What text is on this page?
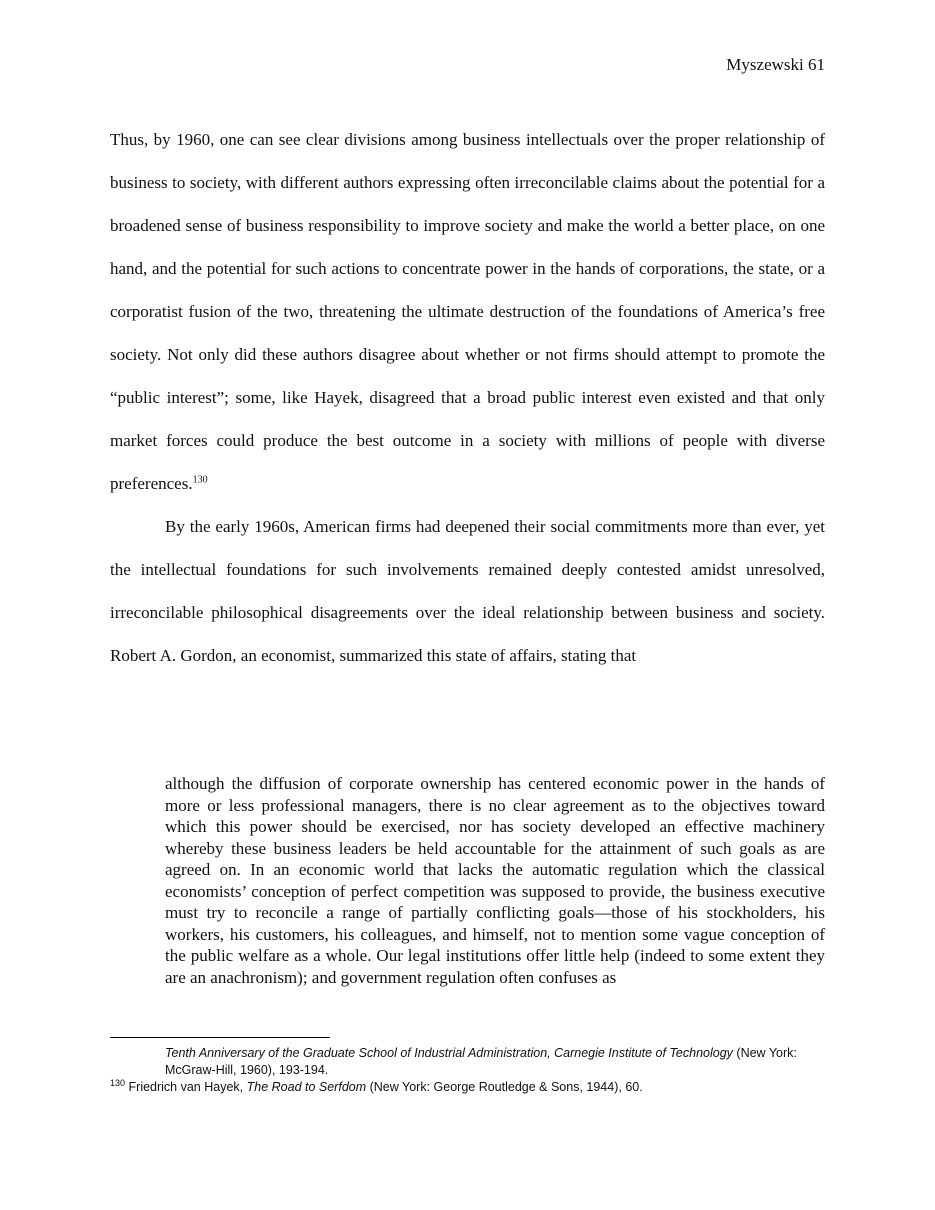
Myszewski 61

Thus, by 1960, one can see clear divisions among business intellectuals over the proper relationship of business to society, with different authors expressing often irreconcilable claims about the potential for a broadened sense of business responsibility to improve society and make the world a better place, on one hand, and the potential for such actions to concentrate power in the hands of corporations, the state, or a corporatist fusion of the two, threatening the ultimate destruction of the foundations of America’s free society. Not only did these authors disagree about whether or not firms should attempt to promote the “public interest”; some, like Hayek, disagreed that a broad public interest even existed and that only market forces could produce the best outcome in a society with millions of people with diverse preferences.$^{130}$

By the early 1960s, American firms had deepened their social commitments more than ever, yet the intellectual foundations for such involvements remained deeply contested amidst unresolved, irreconcilable philosophical disagreements over the ideal relationship between business and society. Robert A. Gordon, an economist, summarized this state of affairs, stating that

although the diffusion of corporate ownership has centered economic power in the hands of more or less professional managers, there is no clear agreement as to the objectives toward which this power should be exercised, nor has society developed an effective machinery whereby these business leaders be held accountable for the attainment of such goals as are agreed on. In an economic world that lacks the automatic regulation which the classical economists’ conception of perfect competition was supposed to provide, the business executive must try to reconcile a range of partially conflicting goals—those of his stockholders, his workers, his customers, his colleagues, and himself, not to mention some vague conception of the public welfare as a whole. Our legal institutions offer little help (indeed to some extent they are an anachronism); and government regulation often confuses as

Tenth Anniversary of the Graduate School of Industrial Administration, Carnegie Institute of Technology (New York: McGraw-Hill, 1960), 193-194.

$^{130}$ Friedrich van Hayek, The Road to Serfdom (New York: George Routledge & Sons, 1944), 60.
